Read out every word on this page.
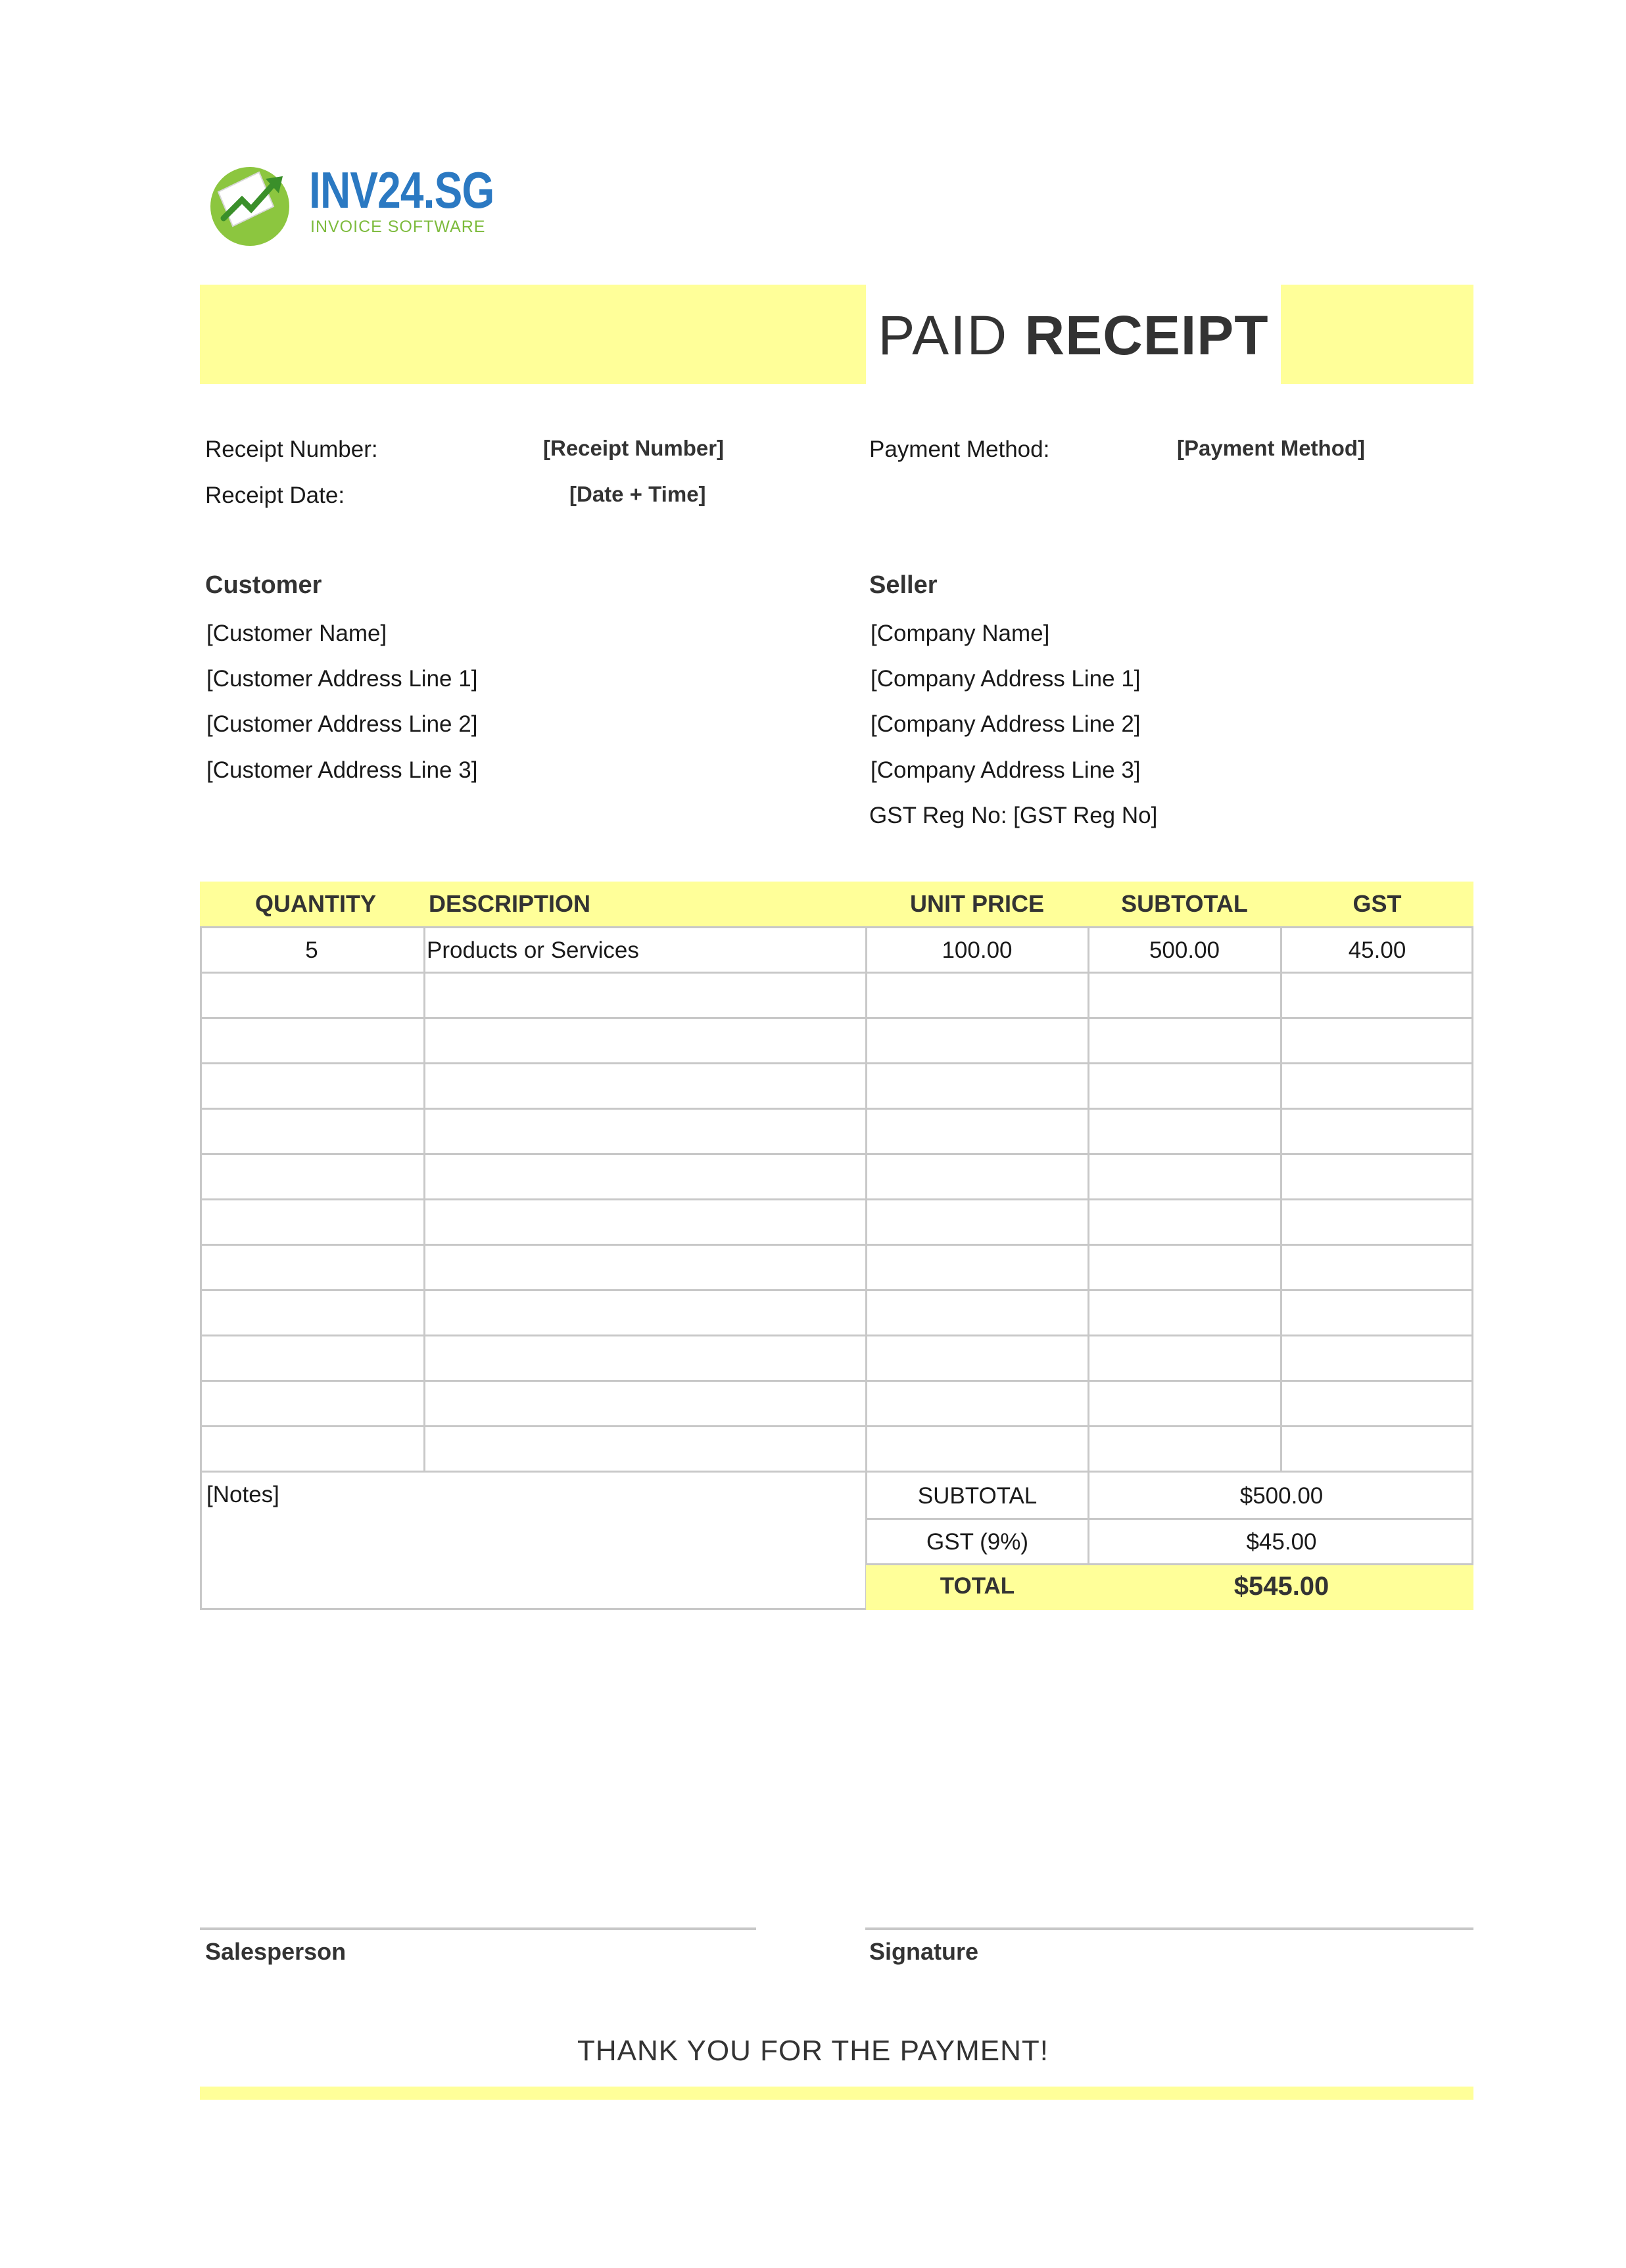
INV24.SG
INVOICE SOFTWARE
PAID RECEIPT
Receipt Number:	[Receipt Number]
Receipt Date:	[Date + Time]
Payment Method:	[Payment Method]
Customer
[Customer Name]
[Customer Address Line 1]
[Customer Address Line 2]
[Customer Address Line 3]
Seller
[Company Name]
[Company Address Line 1]
[Company Address Line 2]
[Company Address Line 3]
GST Reg No: [GST Reg No]
QUANTITY DESCRIPTION	UNIT PRICE	SUBTOTAL	GST
5	Products or Services	100.00	500.00	45.00
[Notes]	SUBTOTAL	$500.00
GST (9%)	$45.00
TOTAL	$545.00
Salesperson	Signature
THANK YOU FOR THE PAYMENT!
